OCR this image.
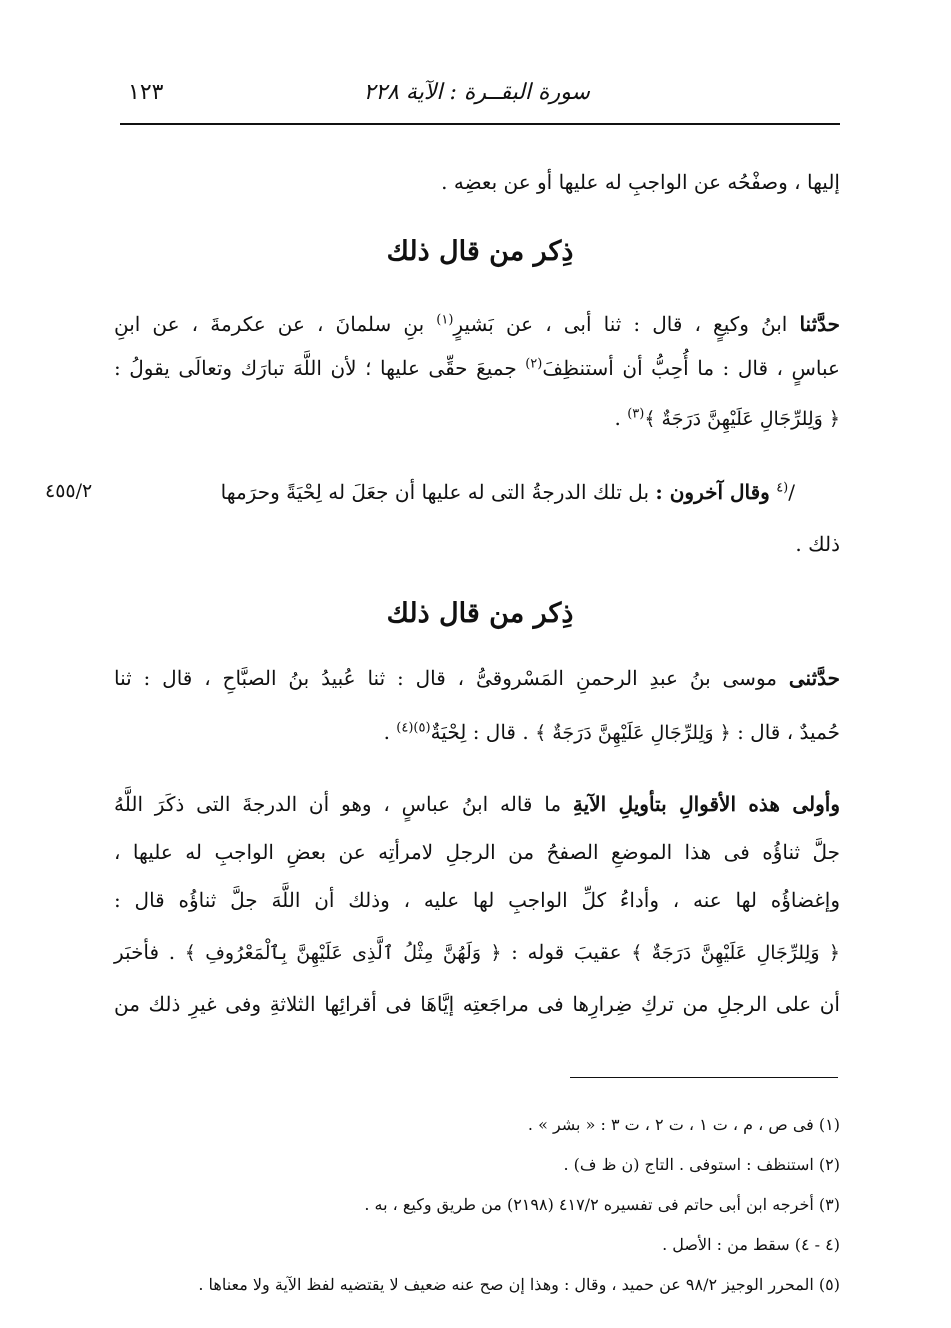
سورة البقــرة : الآية ٢٢٨
١٢٣
إليها ، وصفْحُه عن الواجبِ له عليها أو عن بعضِه .
ذِكر من قال ذلك
حدَّثنا ابنُ وكيعٍ ، قال : ثنا أبى ، عن بَشيرٍ$^{(١)}$ بنِ سلمانَ ، عن عكرمةَ ، عن ابنِ
عباسٍ ، قال : ما أُحِبُّ أن أستنظِفَ$^{(٢)}$ جميعَ حقِّى عليها ؛ لأن اللَّهَ تبارَك وتعالَى يقولُ :
﴿ وَلِلرِّجَالِ عَلَيْهِنَّ دَرَجَةٌ ﴾$^{(٣)}$ .
/$^{(٤}$ وقال آخرون : بل تلك الدرجةُ التى له عليها أن جعَلَ له لِحْيَةً وحرَمها
٤٥٥/٢
ذلك .
ذِكر من قال ذلك
حدَّثنى موسى بنُ عبدِ الرحمنِ المَسْروقىُّ ، قال : ثنا عُبيدُ بنُ الصبَّاحِ ، قال : ثنا
حُميدٌ ، قال : ﴿ وَلِلرِّجَالِ عَلَيْهِنَّ دَرَجَةٌ ﴾ . قال : لِحْيَةٌ$^{(٥)(٤)}$ .
وأولى هذه الأقوالِ بتأويلِ الآيةِ ما قاله ابنُ عباسٍ ، وهو أن الدرجةَ التى ذكَرَ اللَّهُ
جلَّ ثناؤُه فى هذا الموضعِ الصفحُ من الرجلِ لامرأتِه عن بعضِ الواجبِ له عليها ،
وإغضاؤُه لها عنه ، وأداءُ كلِّ الواجبِ لها عليه ، وذلك أن اللَّهَ جلَّ ثناؤُه قال :
﴿ وَلِلرِّجَالِ عَلَيْهِنَّ دَرَجَةٌ ﴾ عقيبَ قوله : ﴿ وَلَهُنَّ مِثْلُ ٱلَّذِى عَلَيْهِنَّ بِٱلْمَعْرُوفِ ﴾ . فأخبَر
أن على الرجلِ من تركِ ضِرارِها فى مراجَعتِه إيَّاهَا فى أقرائِها الثلاثةِ وفى غيرِ ذلك من
(١) فى ص ، م ، ت ١ ، ت ٢ ، ت ٣ : « بشر » .
(٢) استنظف : استوفى . التاج (ن ظ ف) .
(٣) أخرجه ابن أبى حاتم فى تفسيره ٤١٧/٢ (٢١٩٨) من طريق وكيع ، به .
(٤ - ٤) سقط من : الأصل .
(٥) المحرر الوجيز ٩٨/٢ عن حميد ، وقال : وهذا إن صح عنه ضعيف لا يقتضيه لفظ الآية ولا معناها .
